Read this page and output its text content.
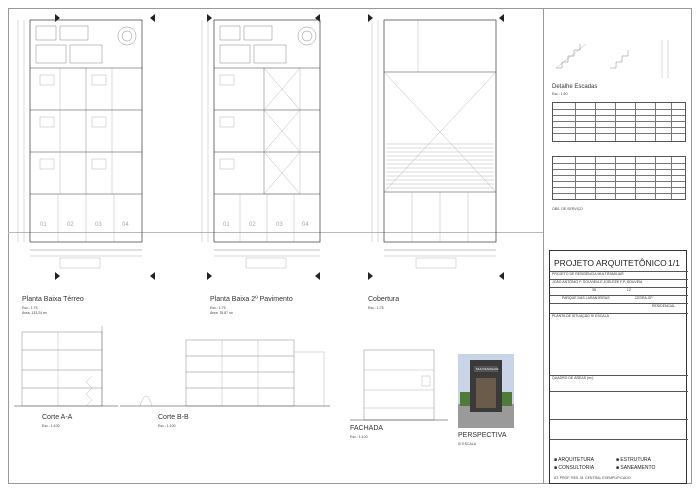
01	02	03	04	01	02	03	04
Planta Baixa Térreo
Esc.: 1:75
Área: 133,24 m²
Planta Baixa 2º Pavimento
Esc.: 1:75
Área: 78,87 m²
Cobertura
Esc.: 1:75
Corte A-A
Esc.: 1:100
Corte B-B
Esc.: 1:100	FACHADA
Esc.: 1:100	PERSPECTIVA
S/ ESCALA
MULTIFAMILIAR
Detalhe Escadas
Esc.: 1:50
OBS. DE SERVIÇO
PROJETO ARQUITETÔNICO 1/1
PROJETO DE RESIDÊNCIA MULTIFAMILIAR
JOÃO ANTÔNIO F. SOUVIEIA E JOELEEE F.P. SOUVEIA
35	12
PARQUE DAS LARANJEIRAS	CEDRA-SP
RESIDENCIAL
PLANTA DE SITUAÇÃO S/ ESCALA
QUADRO DE ÁREAS (m²)
■ ARQUITETURA	■ ESTRUTURA
■ CONSULTORIA	■ SANEAMENTO
AT. PROF. RES. M. CENTRAL EXEMPLIFICADO
